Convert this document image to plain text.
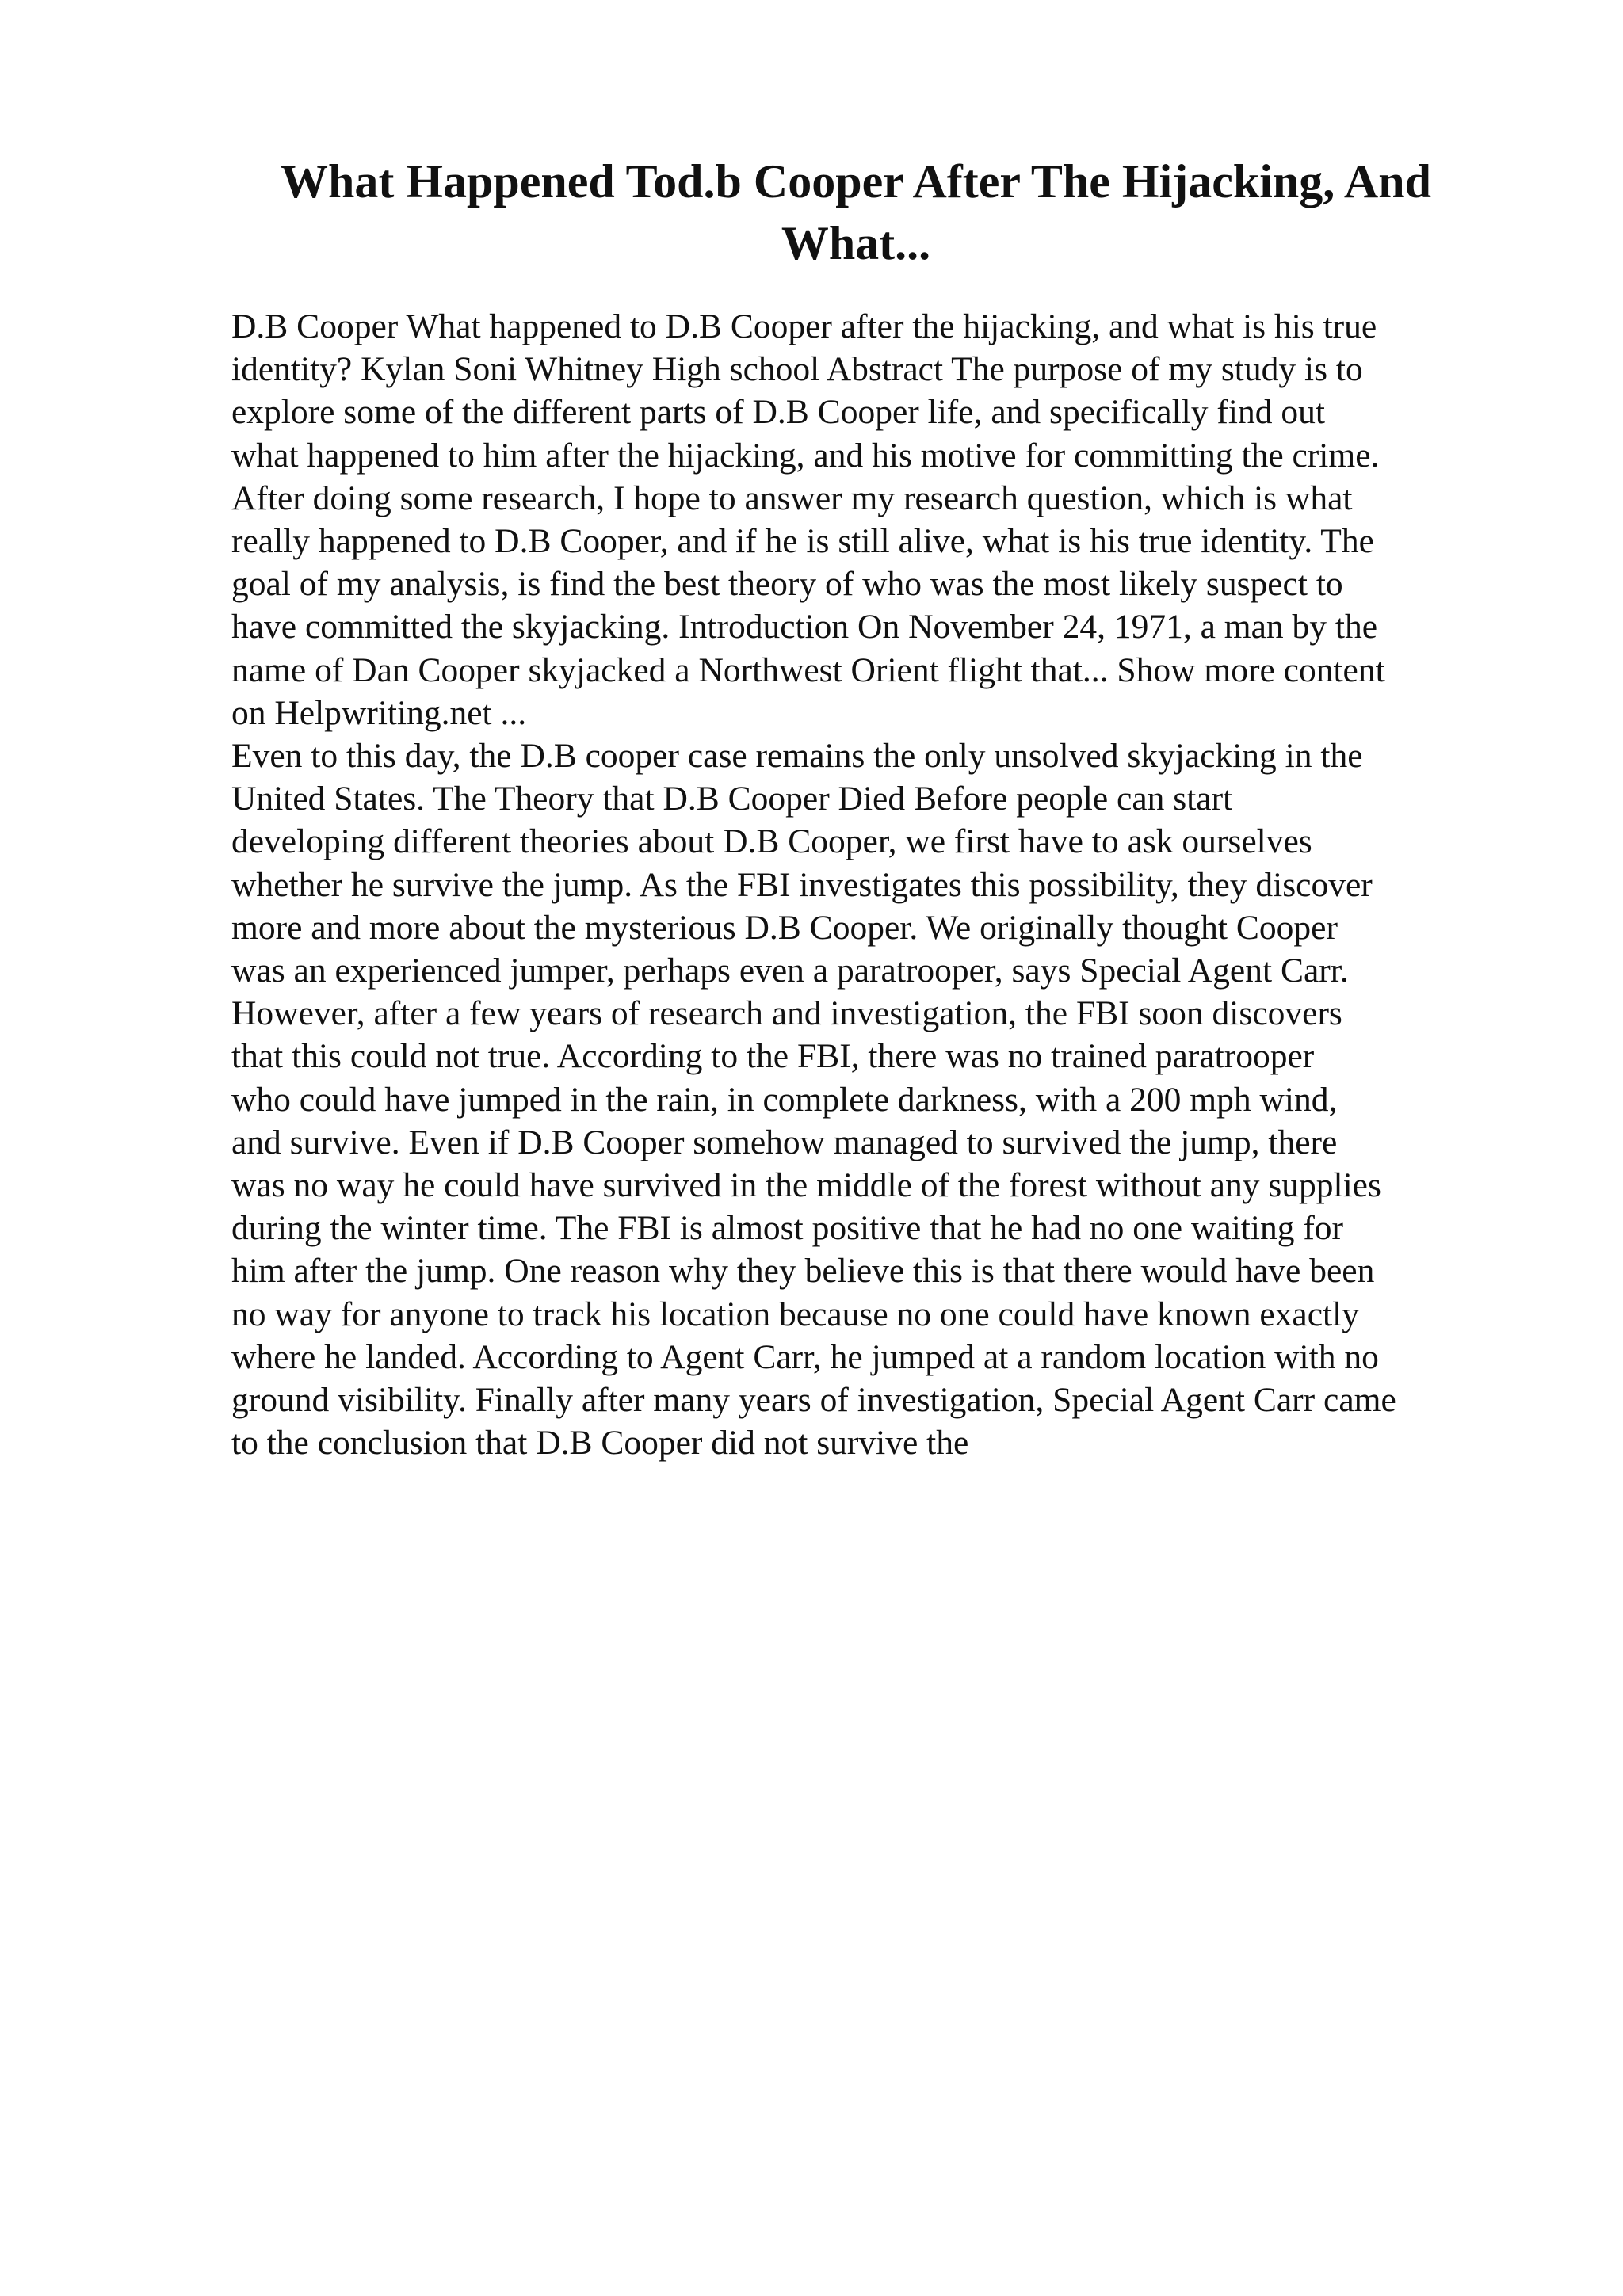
What Happened Tod.b Cooper After The Hijacking, And
What...
D.B Cooper What happened to D.B Cooper after the hijacking, and what is his true
identity? Kylan Soni Whitney High school Abstract The purpose of my study is to
explore some of the different parts of D.B Cooper life, and specifically find out
what happened to him after the hijacking, and his motive for committing the crime.
After doing some research, I hope to answer my research question, which is what
really happened to D.B Cooper, and if he is still alive, what is his true identity. The
goal of my analysis, is find the best theory of who was the most likely suspect to
have committed the skyjacking. Introduction On November 24, 1971, a man by the
name of Dan Cooper skyjacked a Northwest Orient flight that... Show more content
on Helpwriting.net ...
Even to this day, the D.B cooper case remains the only unsolved skyjacking in the
United States. The Theory that D.B Cooper Died Before people can start
developing different theories about D.B Cooper, we first have to ask ourselves
whether he survive the jump. As the FBI investigates this possibility, they discover
more and more about the mysterious D.B Cooper. We originally thought Cooper
was an experienced jumper, perhaps even a paratrooper, says Special Agent Carr.
However, after a few years of research and investigation, the FBI soon discovers
that this could not true. According to the FBI, there was no trained paratrooper
who could have jumped in the rain, in complete darkness, with a 200 mph wind,
and survive. Even if D.B Cooper somehow managed to survived the jump, there
was no way he could have survived in the middle of the forest without any supplies
during the winter time. The FBI is almost positive that he had no one waiting for
him after the jump. One reason why they believe this is that there would have been
no way for anyone to track his location because no one could have known exactly
where he landed. According to Agent Carr, he jumped at a random location with no
ground visibility. Finally after many years of investigation, Special Agent Carr came
to the conclusion that D.B Cooper did not survive the
